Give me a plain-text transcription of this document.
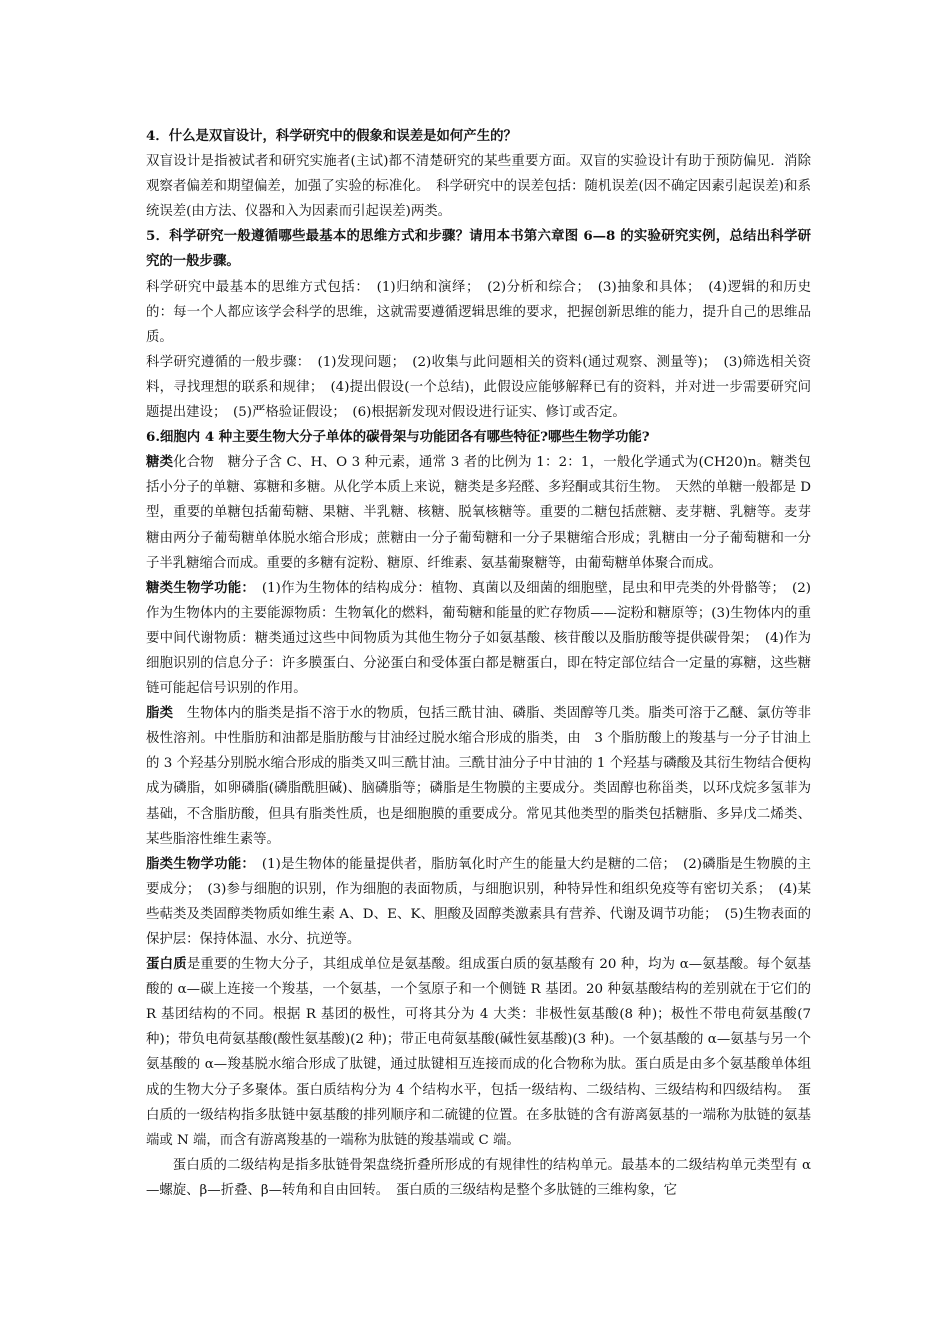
4．什么是双盲设计，科学研究中的假象和误差是如何产生的？

双盲设计是指被试者和研究实施者(主试)都不清楚研究的某些重要方面。双盲的实验设计有助于预防偏见．消除观察者偏差和期望偏差，加强了实验的标准化。　科学研究中的误差包括：随机误差(因不确定因素引起误差)和系统误差(由方法、仪器和入为因素而引起误差)两类。

5．科学研究一般遵循哪些最基本的思维方式和步骤？请用本书第六章图 6—8 的实验研究实例，总结出科学研究的一般步骤。

科学研究中最基本的思维方式包括：　(1)归纳和演绎；　(2)分析和综合；　(3)抽象和具体；　(4)逻辑的和历史的：每一个人都应该学会科学的思维，这就需要遵循逻辑思维的要求，把握创新思维的能力，提升自己的思维品质。

科学研究遵循的一般步骤：　(1)发现问题；　(2)收集与此问题相关的资料(通过观察、测量等)；　(3)筛选相关资料，寻找理想的联系和规律；　(4)提出假设(一个总结)，此假设应能够解释已有的资料，并对进一步需要研究问题提出建设；　(5)严格验证假设；　(6)根据新发现对假设进行证实、修订或否定。

6.细胞内 4 种主要生物大分子单体的碳骨架与功能团各有哪些特征?哪些生物学功能?

糖类化合物　糖分子含 C、H、O 3 种元素，通常 3 者的比例为 1：2：1，一般化学通式为(CH20)n。糖类包括小分子的单糖、寡糖和多糖。从化学本质上来说，糖类是多羟醛、多羟酮或其衍生物。　天然的单糖一般都是 D 型，重要的单糖包括葡萄糖、果糖、半乳糖、核糖、脱氧核糖等。重要的二糖包括蔗糖、麦芽糖、乳糖等。麦芽糖由两分子葡萄糖单体脱水缩合形成；蔗糖由一分子葡萄糖和一分子果糖缩合形成；乳糖由一分子葡萄糖和一分子半乳糖缩合而成。重要的多糖有淀粉、糖原、纤维素、氨基葡聚糖等，由葡萄糖单体聚合而成。

糖类生物学功能：　(1)作为生物体的结构成分：植物、真菌以及细菌的细胞壁，昆虫和甲壳类的外骨骼等；　(2)作为生物体内的主要能源物质：生物氧化的燃料，葡萄糖和能量的贮存物质——淀粉和糖原等；(3)生物体内的重要中间代谢物质：糖类通过这些中间物质为其他生物分子如氨基酸、核苷酸以及脂肪酸等提供碳骨架；　(4)作为细胞识别的信息分子：许多膜蛋白、分泌蛋白和受体蛋白都是糖蛋白，即在特定部位结合一定量的寡糖，这些糖链可能起信号识别的作用。

脂类　生物体内的脂类是指不溶于水的物质，包括三酰甘油、磷脂、类固醇等几类。脂类可溶于乙醚、氯仿等非极性溶剂。中性脂肪和油都是脂肪酸与甘油经过脱水缩合形成的脂类，由　3 个脂肪酸上的羧基与一分子甘油上的 3 个羟基分别脱水缩合形成的脂类又叫三酰甘油。三酰甘油分子中甘油的 1 个羟基与磷酸及其衍生物结合便构成为磷脂，如卵磷脂(磷脂酰胆碱)、脑磷脂等；磷脂是生物膜的主要成分。类固醇也称甾类，以环戊烷多氢菲为基础，不含脂肪酸，但具有脂类性质，也是细胞膜的重要成分。常见其他类型的脂类包括糖脂、多异戊二烯类、某些脂溶性维生素等。

脂类生物学功能：　(1)是生物体的能量提供者，脂肪氧化时产生的能量大约是糖的二倍；　(2)磷脂是生物膜的主要成分；　(3)参与细胞的识别，作为细胞的表面物质，与细胞识别，种特异性和组织免疫等有密切关系；　(4)某些萜类及类固醇类物质如维生素 A、D、E、K、胆酸及固醇类激素具有营养、代谢及调节功能；　(5)生物表面的保护层：保持体温、水分、抗逆等。

蛋白质是重要的生物大分子，其组成单位是氨基酸。组成蛋白质的氨基酸有 20 种，均为 α—氨基酸。每个氨基酸的 α—碳上连接一个羧基，一个氨基，一个氢原子和一个侧链 R 基团。20 种氨基酸结构的差别就在于它们的 R 基团结构的不同。根据 R 基团的极性，可将其分为 4 大类：非极性氨基酸(8 种)；极性不带电荷氨基酸(7 种)；带负电荷氨基酸(酸性氨基酸)(2 种)；带正电荷氨基酸(碱性氨基酸)(3 种)。一个氨基酸的 α—氨基与另一个氨基酸的 α—羧基脱水缩合形成了肽键，通过肽键相互连接而成的化合物称为肽。蛋白质是由多个氨基酸单体组成的生物大分子多聚体。蛋白质结构分为 4 个结构水平，包括一级结构、二级结构、三级结构和四级结构。　蛋白质的一级结构指多肽链中氨基酸的排列顺序和二硫键的位置。在多肽链的含有游离氨基的一端称为肽链的氨基端或 N 端，而含有游离羧基的一端称为肽链的羧基端或 C 端。

蛋白质的二级结构是指多肽链骨架盘绕折叠所形成的有规律性的结构单元。最基本的二级结构单元类型有 α—螺旋、β—折叠、β—转角和自由回转。　蛋白质的三级结构是整个多肽链的三维构象，它
